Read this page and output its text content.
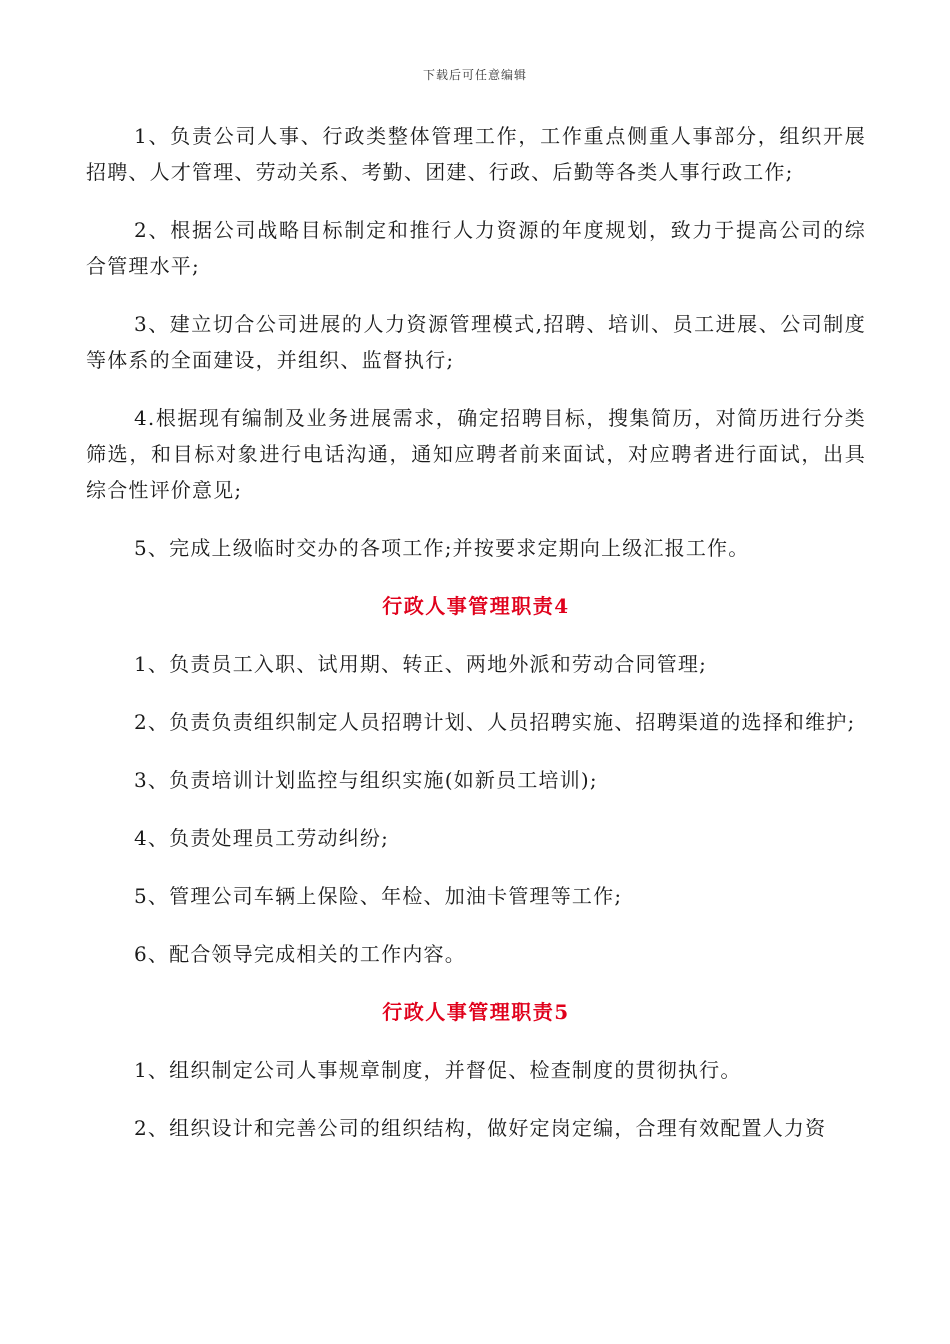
下载后可任意编辑

1、负责公司人事、行政类整体管理工作，工作重点侧重人事部分，组织开展招聘、人才管理、劳动关系、考勤、团建、行政、后勤等各类人事行政工作;

2、根据公司战略目标制定和推行人力资源的年度规划，致力于提高公司的综合管理水平;

3、建立切合公司进展的人力资源管理模式,招聘、培训、员工进展、公司制度等体系的全面建设，并组织、监督执行;

4.根据现有编制及业务进展需求，确定招聘目标，搜集简历，对简历进行分类筛选，和目标对象进行电话沟通，通知应聘者前来面试，对应聘者进行面试，出具综合性评价意见;

5、完成上级临时交办的各项工作;并按要求定期向上级汇报工作。

行政人事管理职责4

1、负责员工入职、试用期、转正、两地外派和劳动合同管理;

2、负责负责组织制定人员招聘计划、人员招聘实施、招聘渠道的选择和维护;

3、负责培训计划监控与组织实施(如新员工培训);

4、负责处理员工劳动纠纷;

5、管理公司车辆上保险、年检、加油卡管理等工作;

6、配合领导完成相关的工作内容。

行政人事管理职责5

1、组织制定公司人事规章制度，并督促、检查制度的贯彻执行。

2、组织设计和完善公司的组织结构，做好定岗定编，合理有效配置人力资
